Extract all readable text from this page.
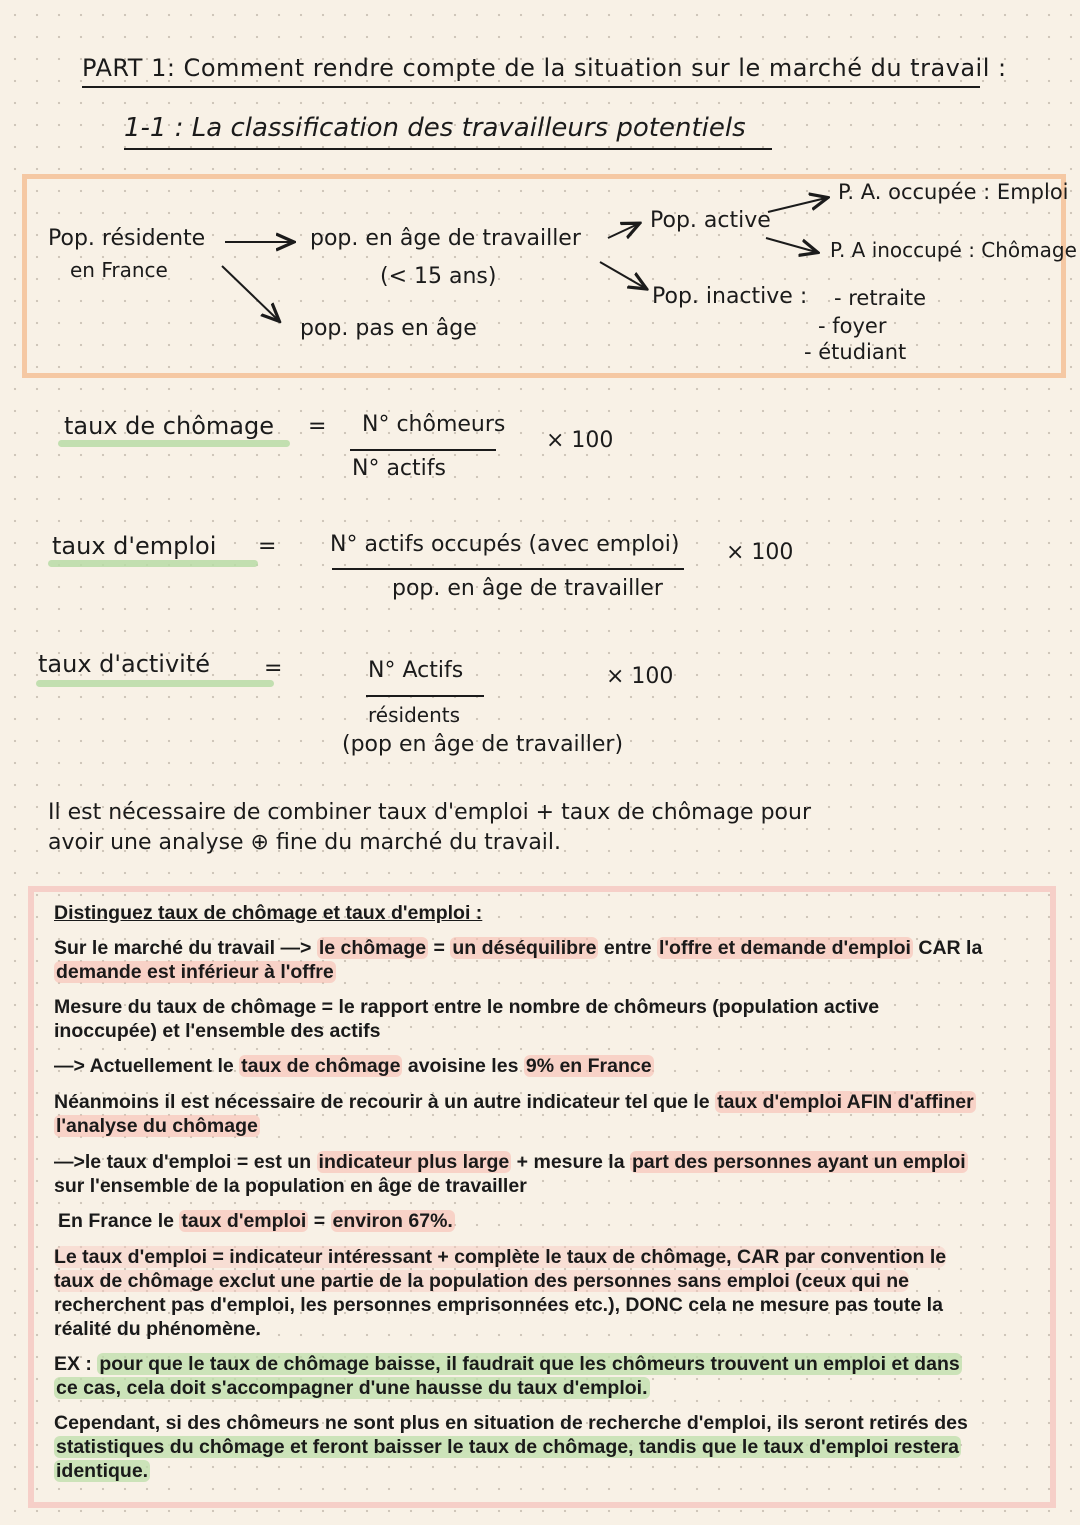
PART 1: Comment rendre compte de la situation sur le marché du travail :
1-1 : La classification des travailleurs potentiels
Pop. résidente
en France
pop. en âge de travailler
(< 15 ans)
pop. pas en âge
Pop. active
Pop. inactive :
P. A. occupée : Emploi
P. A inoccupé : Chômage
- retraite
- foyer
- étudiant
taux de chômage = N° chômeurs
N° actifs
× 100
taux d'emploi = N° actifs occupés (avec emploi)
pop. en âge de travailler
× 100
taux d'activité =	N° Actifs
résidents
(pop en âge de travailler)
× 100
Il est nécessaire de combiner taux d'emploi + taux de chômage pour
avoir une analyse ⊕ fine du marché du travail.
Distinguez taux de chômage et taux d'emploi :
Sur le marché du travail —> le chômage = un déséquilibre entre l'offre et demande d'emploi CAR la
demande est inférieur à l'offre
Mesure du taux de chômage = le rapport entre le nombre de chômeurs (population active
inoccupée) et l'ensemble des actifs
—> Actuellement le taux de chômage avoisine les 9% en France
Néanmoins il est nécessaire de recourir à un autre indicateur tel que le taux d'emploi AFIN d'affiner
l'analyse du chômage
—>le taux d'emploi = est un indicateur plus large + mesure la part des personnes ayant un emploi
sur l'ensemble de la population en âge de travailler
En France le taux d'emploi = environ 67%.
Le taux d'emploi = indicateur intéressant + complète le taux de chômage, CAR par convention le
taux de chômage exclut une partie de la population des personnes sans emploi (ceux qui ne
recherchent pas d'emploi, les personnes emprisonnées etc.), DONC cela ne mesure pas toute la
réalité du phénomène.
EX : pour que le taux de chômage baisse, il faudrait que les chômeurs trouvent un emploi et dans
ce cas, cela doit s'accompagner d'une hausse du taux d'emploi.
Cependant, si des chômeurs ne sont plus en situation de recherche d'emploi, ils seront retirés des
statistiques du chômage et feront baisser le taux de chômage, tandis que le taux d'emploi restera
identique.
